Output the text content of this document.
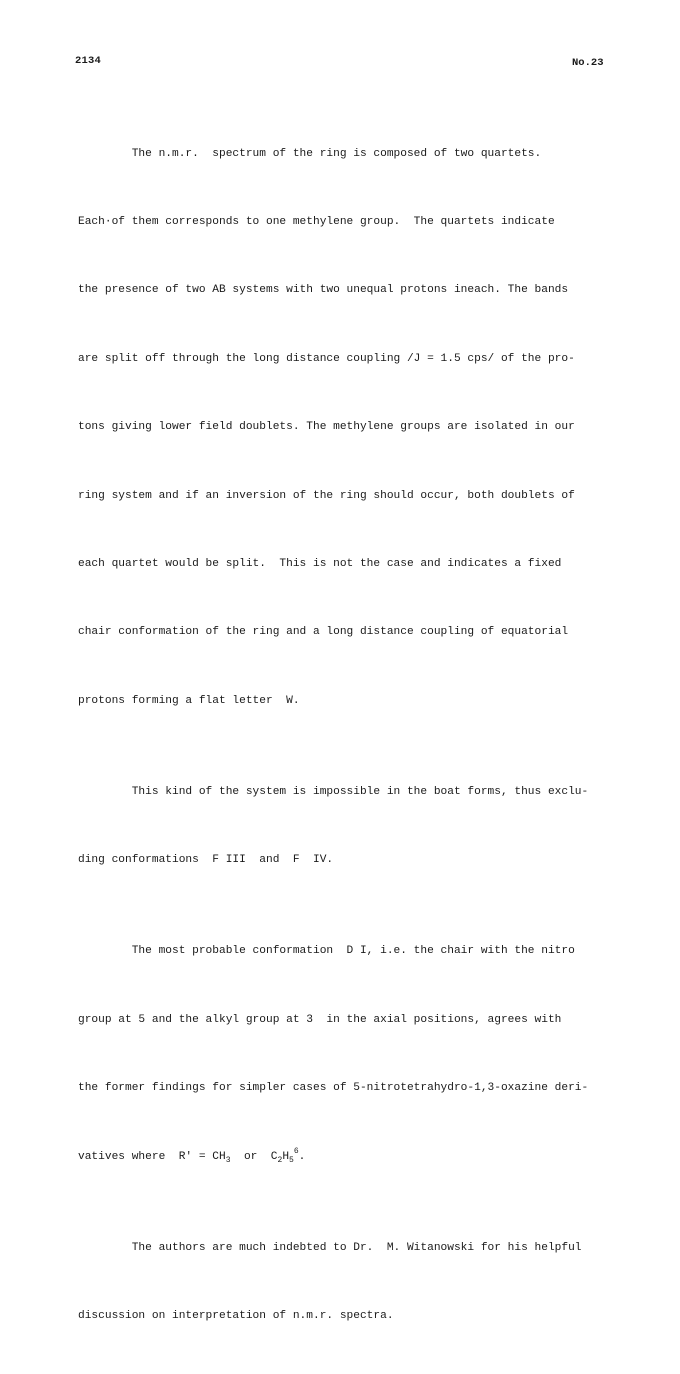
2134	No.23

The n.m.r.  spectrum of the ring is composed of two quartets.

Each·of them corresponds to one methylene group.  The quartets indicate

the presence of two AB systems with two unequal protons ineach. The bands

are split off through the long distance coupling /J = 1.5 cps/ of the pro-

tons giving lower field doublets. The methylene groups are isolated in our

ring system and if an inversion of the ring should occur, both doublets of

each quartet would be split.  This is not the case and indicates a fixed

chair conformation of the ring and a long distance coupling of equatorial

protons forming a flat letter  W.

This kind of the system is impossible in the boat forms, thus exclu-

ding conformations  F III  and  F  IV.

The most probable conformation  D I, i.e. the chair with the nitro

group at 5 and the alkyl group at 3  in the axial positions, agrees with

the former findings for simpler cases of 5-nitrotetrahydro-1,3-oxazine deri-

vatives where  $R' = CH_3$  or  $C_2H_5^6$.

The authors are much indebted to Dr.  M. Witanowski for his helpful

discussion on interpretation of n.m.r. spectra.
